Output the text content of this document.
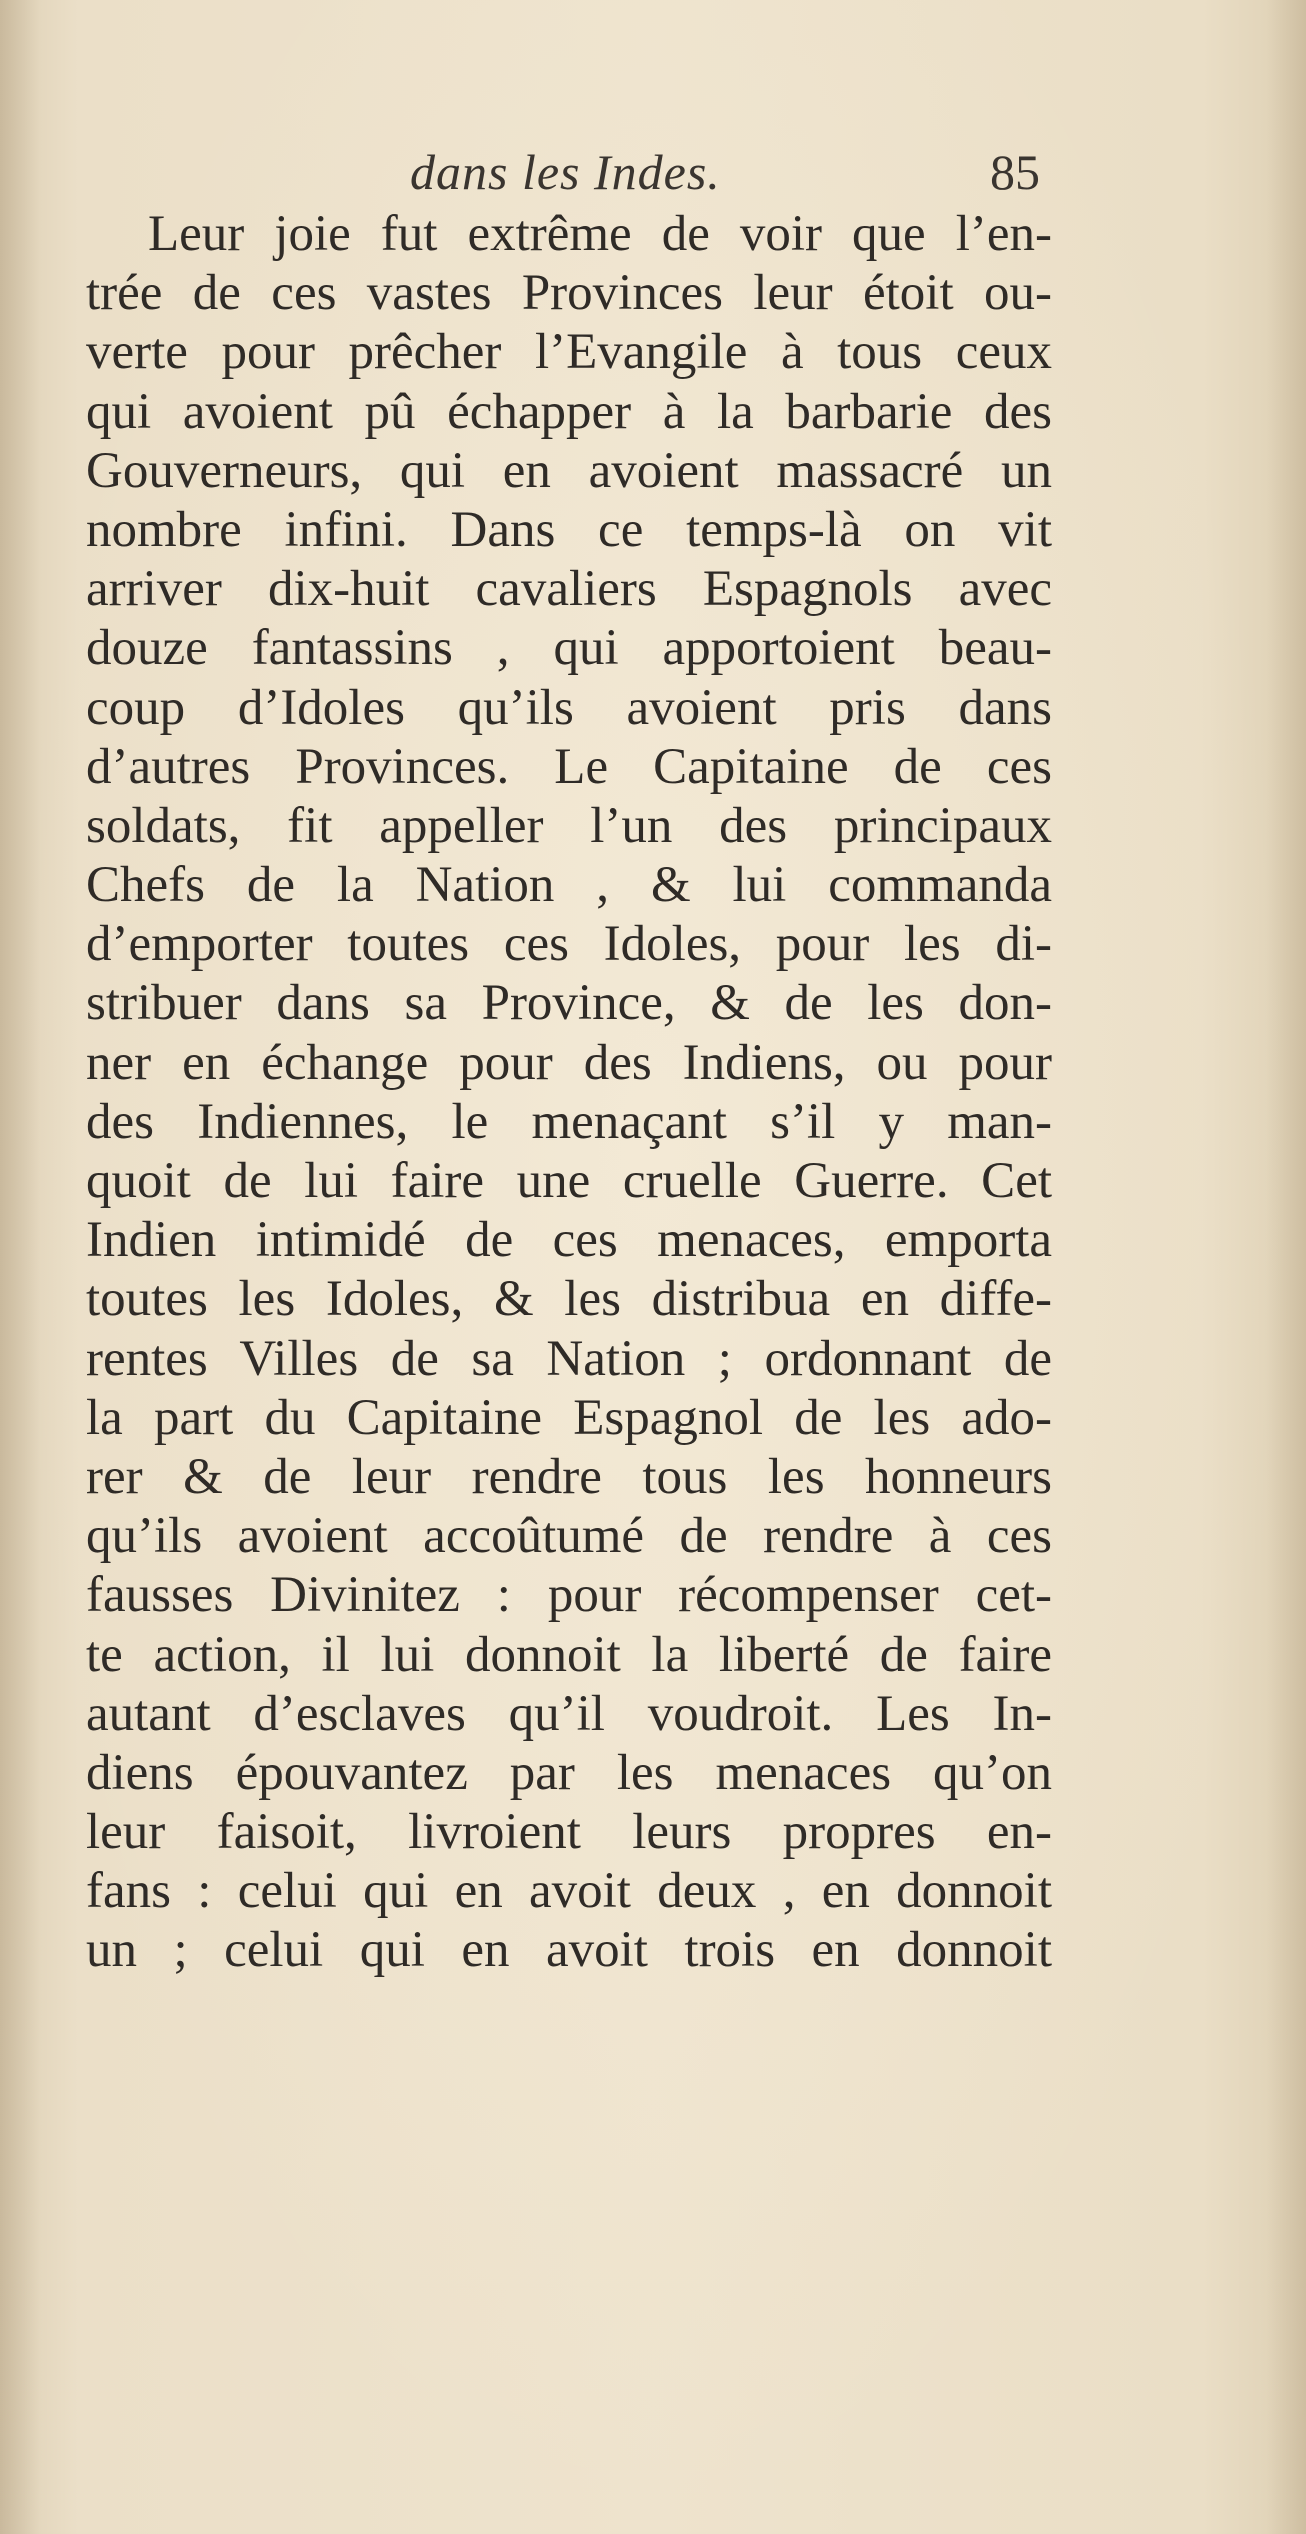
dans les Indes.	85
Leur joie fut extrême de voir que l’en-
trée de ces vastes Provinces leur étoit ou-
verte pour prêcher l’Evangile à tous ceux
qui avoient pû échapper à la barbarie des
Gouverneurs, qui en avoient massacré un
nombre infini. Dans ce temps-là on vit
arriver dix-huit cavaliers Espagnols avec
douze fantassins , qui apportoient beau-
coup d’Idoles qu’ils avoient pris dans
d’autres Provinces. Le Capitaine de ces
soldats, fit appeller l’un des principaux
Chefs de la Nation , & lui commanda
d’emporter toutes ces Idoles, pour les di-
stribuer dans sa Province, & de les don-
ner en échange pour des Indiens, ou pour
des Indiennes, le menaçant s’il y man-
quoit de lui faire une cruelle Guerre. Cet
Indien intimidé de ces menaces, emporta
toutes les Idoles, & les distribua en diffe-
rentes Villes de sa Nation ; ordonnant de
la part du Capitaine Espagnol de les ado-
rer & de leur rendre tous les honneurs
qu’ils avoient accoûtumé de rendre à ces
fausses Divinitez : pour récompenser cet-
te action, il lui donnoit la liberté de faire
autant d’esclaves qu’il voudroit. Les In-
diens épouvantez par les menaces qu’on
leur faisoit, livroient leurs propres en-
fans : celui qui en avoit deux , en donnoit
un ; celui qui en avoit trois en donnoit
